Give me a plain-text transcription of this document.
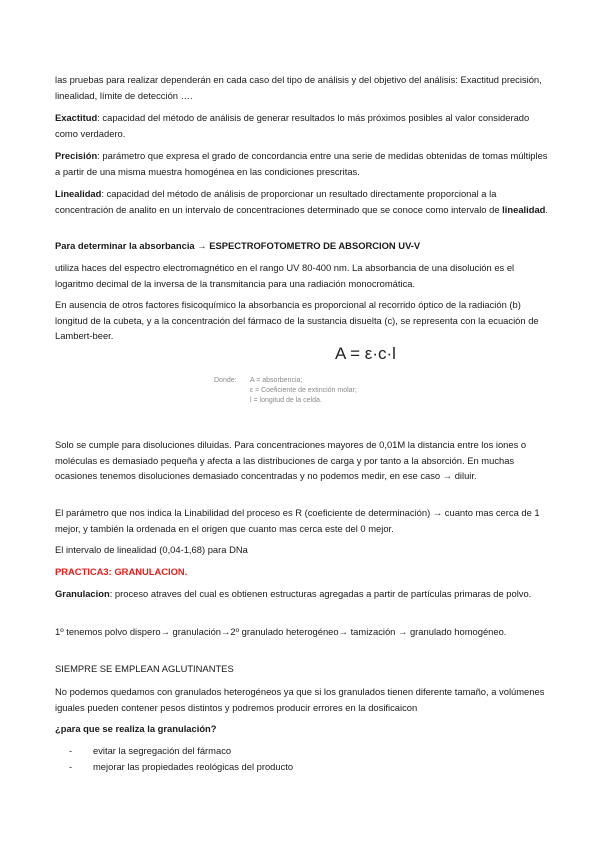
las pruebas para realizar dependerán en cada caso del tipo de análisis y del objetivo del análisis: Exactitud precisión, linealidad, límite de detección ….

Exactitud: capacidad del método de análisis de generar resultados lo más próximos posibles al valor considerado como verdadero.

Precisión: parámetro que expresa el grado de concordancia entre una serie de medidas obtenidas de tomas múltiples a partir de una misma muestra homogénea en las condiciones prescritas.

Linealidad: capacidad del método de análisis de proporcionar un resultado directamente proporcional a la concentración de analito en un intervalo de concentraciones determinado que se conoce como intervalo de linealidad.

Para determinar la absorbancia → ESPECTROFOTOMETRO DE ABSORCION UV-V

utiliza haces del espectro electromagnético en el rango UV 80-400 nm. La absorbancia de una disolución es el logaritmo decimal de la inversa de la transmitancia para una radiación monocromática.

En ausencia de otros factores fisicoquímico la absorbancia es proporcional al recorrido óptico de la radiación (b) longitud de la cubeta, y a la concentración del fármaco de la sustancia disuelta (c), se representa con la ecuación de Lambert-beer.

A = ε·c·l
Donde:	A = absorbencia;
ε = Coeficiente de extinción molar;
l = longitud de la celda.

Solo se cumple para disoluciones diluidas. Para concentraciones mayores de 0,01M la distancia entre los iones o moléculas es demasiado pequeña y afecta a las distribuciones de carga y por tanto a la absorción. En muchas ocasiones tenemos disoluciones demasiado concentradas y no podemos medir, en ese caso → diluir.

El parámetro que nos indica la Linabilidad del proceso es R (coeficiente de determinación) → cuanto mas cerca de 1 mejor, y también la ordenada en el origen que cuanto mas cerca este del 0 mejor.

El intervalo de linealidad (0,04-1,68) para DNa

PRACTICA3: GRANULACION.

Granulacion: proceso atraves del cual es obtienen estructuras agregadas a partir de partículas primaras de polvo.

1º tenemos polvo dispero→ granulación→2º granulado heterogéneo→ tamización → granulado homogéneo.

SIEMPRE SE EMPLEAN AGLUTINANTES

No podemos quedamos con granulados heterogéneos ya que si los granulados tienen diferente tamaño, a volúmenes iguales pueden contener pesos distintos y podremos producir errores en la dosificaicon

¿para que se realiza la granulación?

- evitar la segregación del fármaco
- mejorar las propiedades reológicas del producto
